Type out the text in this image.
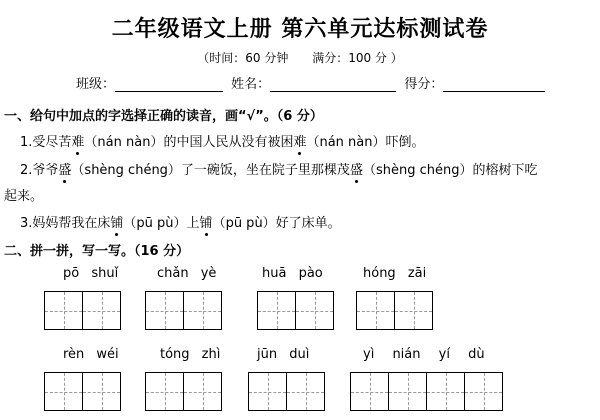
二年级语文上册 第六单元达标测试卷
（时间：60 分钟 满分：100 分 ）
班级：	姓名：	得分：
一、给句中加点的字选择正确的读音，画“√”。（6 分）
1.受尽苦难（nán nàn）的中国人民从没有被困难（nán nàn）吓倒。
2.爷爷盛（shèng chéng）了一碗饭，坐在院子里那棵茂盛（shèng chéng）的榕树下吃
起来。
3.妈妈帮我在床铺（pū pù）上铺（pū pù）好了床单。
二、拼一拼，写一写。（16 分）
pō shuǐ	chǎn yè	huā pào	hóng zāi
rèn wéi	tóng zhì	jūn duì	yì nián yí dù
